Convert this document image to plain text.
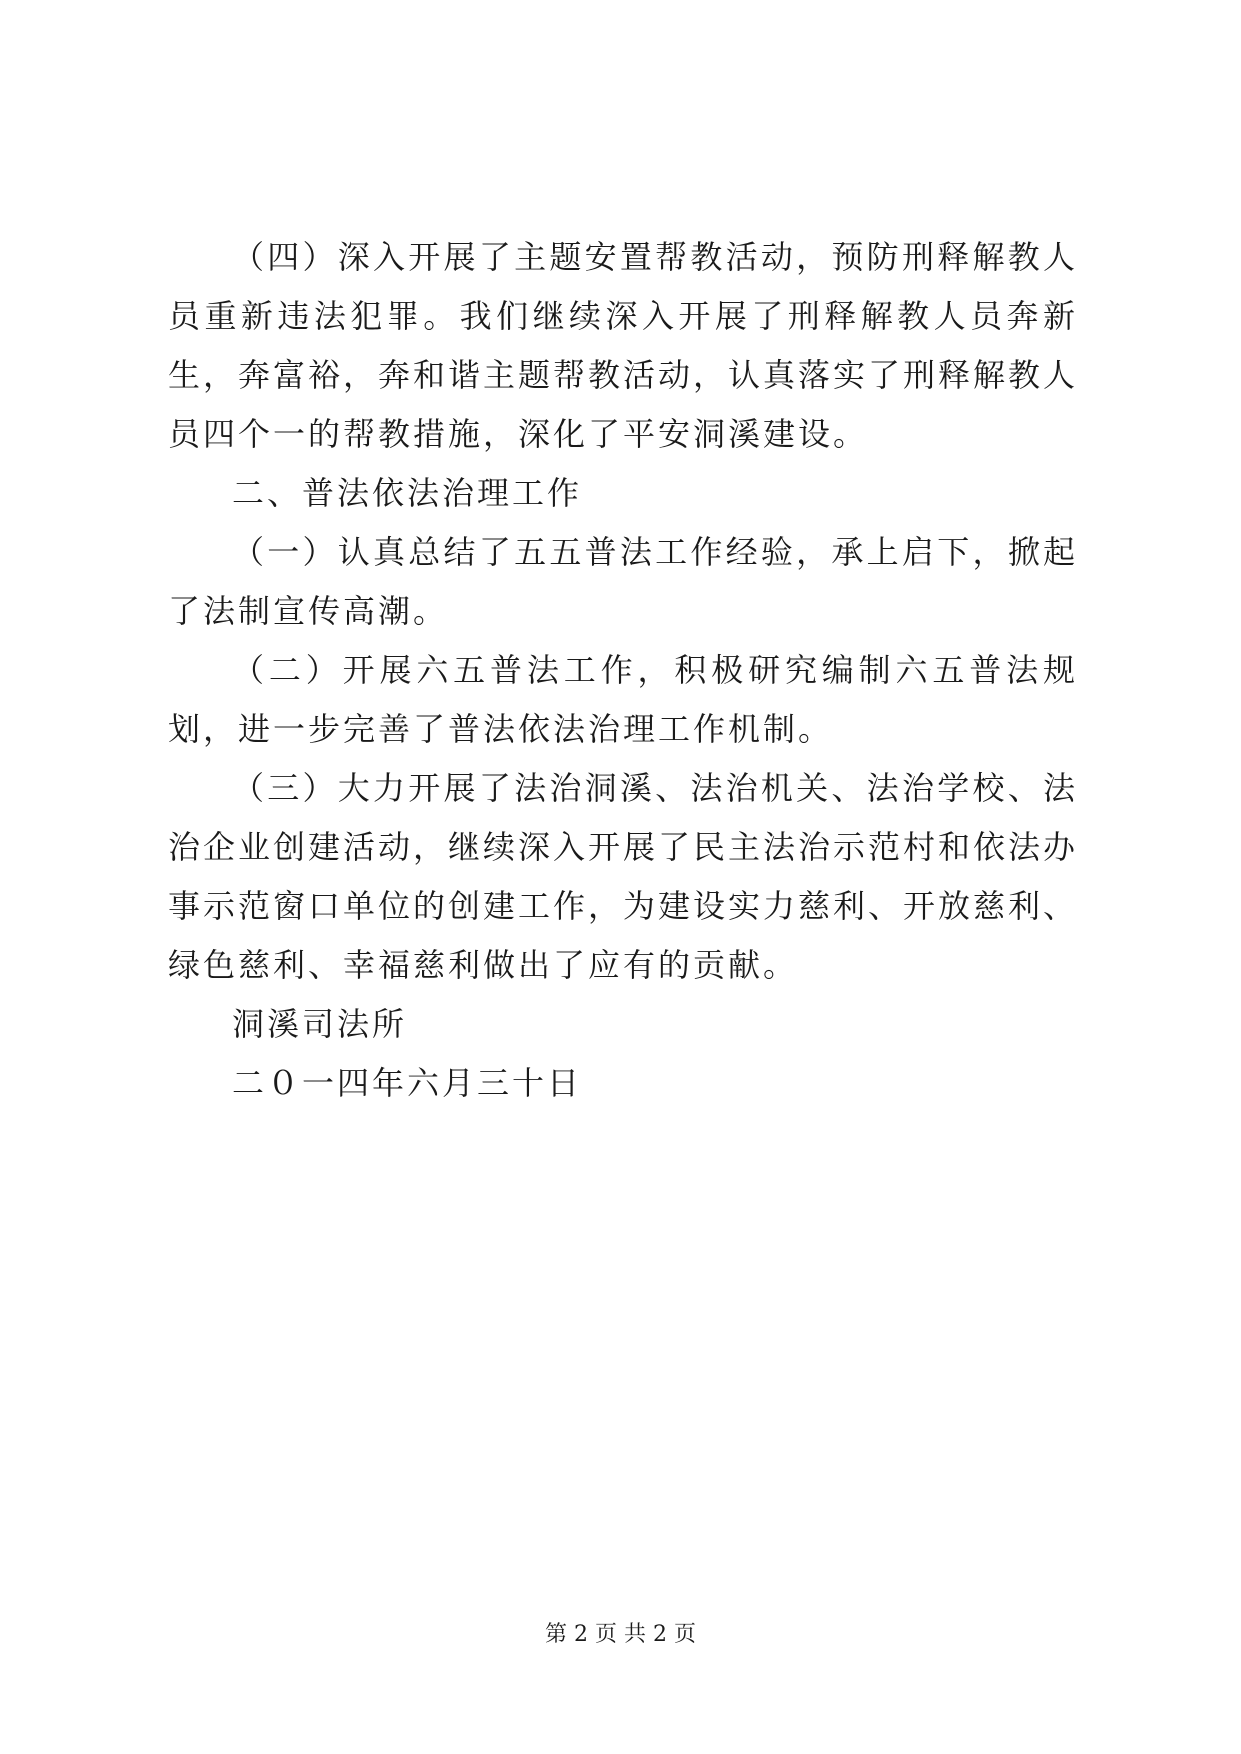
（四）深入开展了主题安置帮教活动，预防刑释解教人员重新违法犯罪。我们继续深入开展了刑释解教人员奔新生，奔富裕，奔和谐主题帮教活动，认真落实了刑释解教人员四个一的帮教措施，深化了平安洞溪建设。

二、普法依法治理工作

（一）认真总结了五五普法工作经验，承上启下，掀起了法制宣传高潮。

（二）开展六五普法工作，积极研究编制六五普法规划，进一步完善了普法依法治理工作机制。

（三）大力开展了法治洞溪、法治机关、法治学校、法治企业创建活动，继续深入开展了民主法治示范村和依法办事示范窗口单位的创建工作，为建设实力慈利、开放慈利、绿色慈利、幸福慈利做出了应有的贡献。

洞溪司法所

二０一四年六月三十日

第 2 页 共 2 页
